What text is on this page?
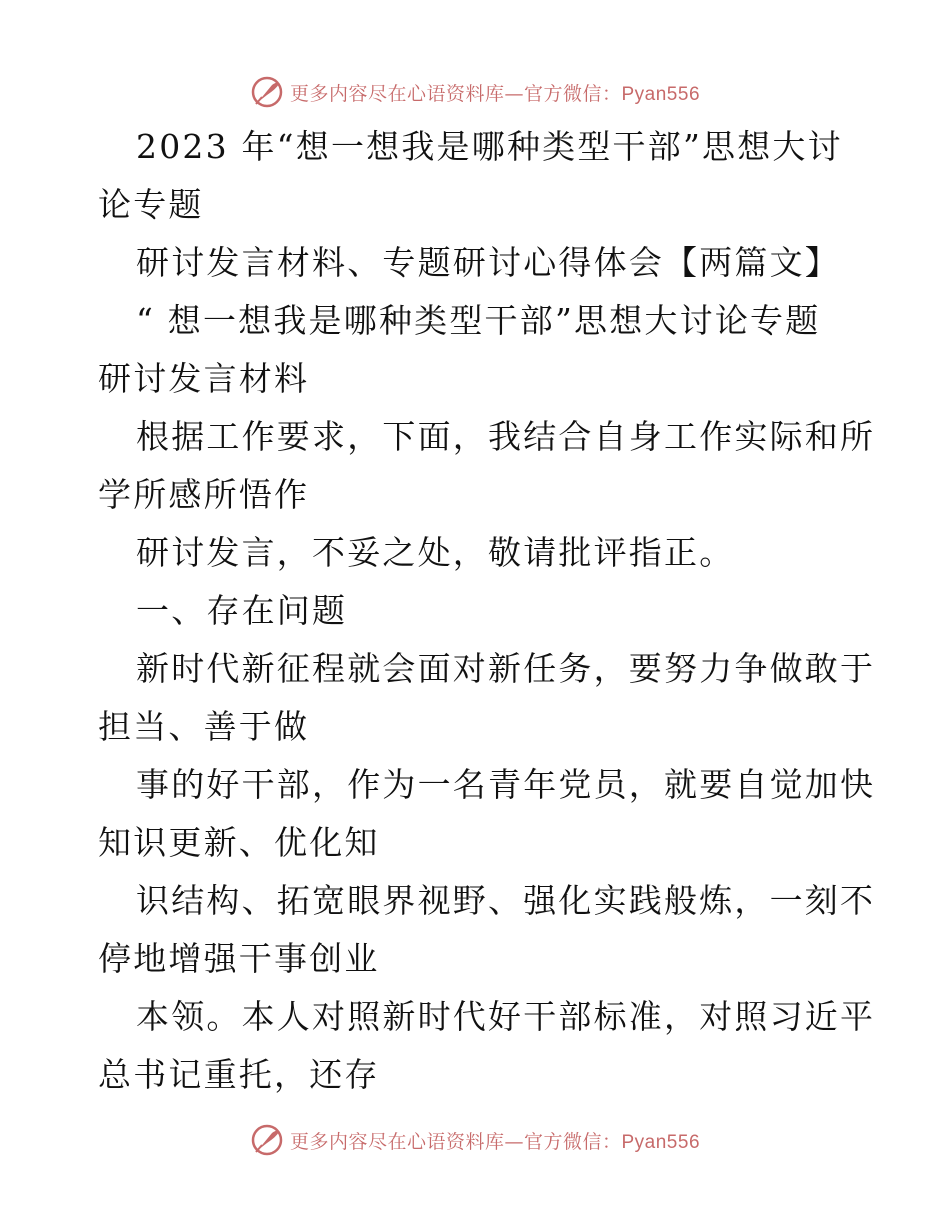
更多内容尽在心语资料库—官方微信：Pyan556
2023 年“想一想我是哪种类型干部”思想大讨
论专题
研讨发言材料、专题研讨心得体会【两篇文】
“ 想一想我是哪种类型干部”思想大讨论专题
研讨发言材料
根据工作要求，下面，我结合自身工作实际和所
学所感所悟作
研讨发言，不妥之处，敬请批评指正。
一、存在问题
新时代新征程就会面对新任务，要努力争做敢于
担当、善于做
事的好干部，作为一名青年党员，就要自觉加快
知识更新、优化知
识结构、拓宽眼界视野、强化实践般炼，一刻不
停地增强干事创业
本领。本人对照新时代好干部标准，对照习近平
总书记重托，还存
更多内容尽在心语资料库—官方微信：Pyan556
